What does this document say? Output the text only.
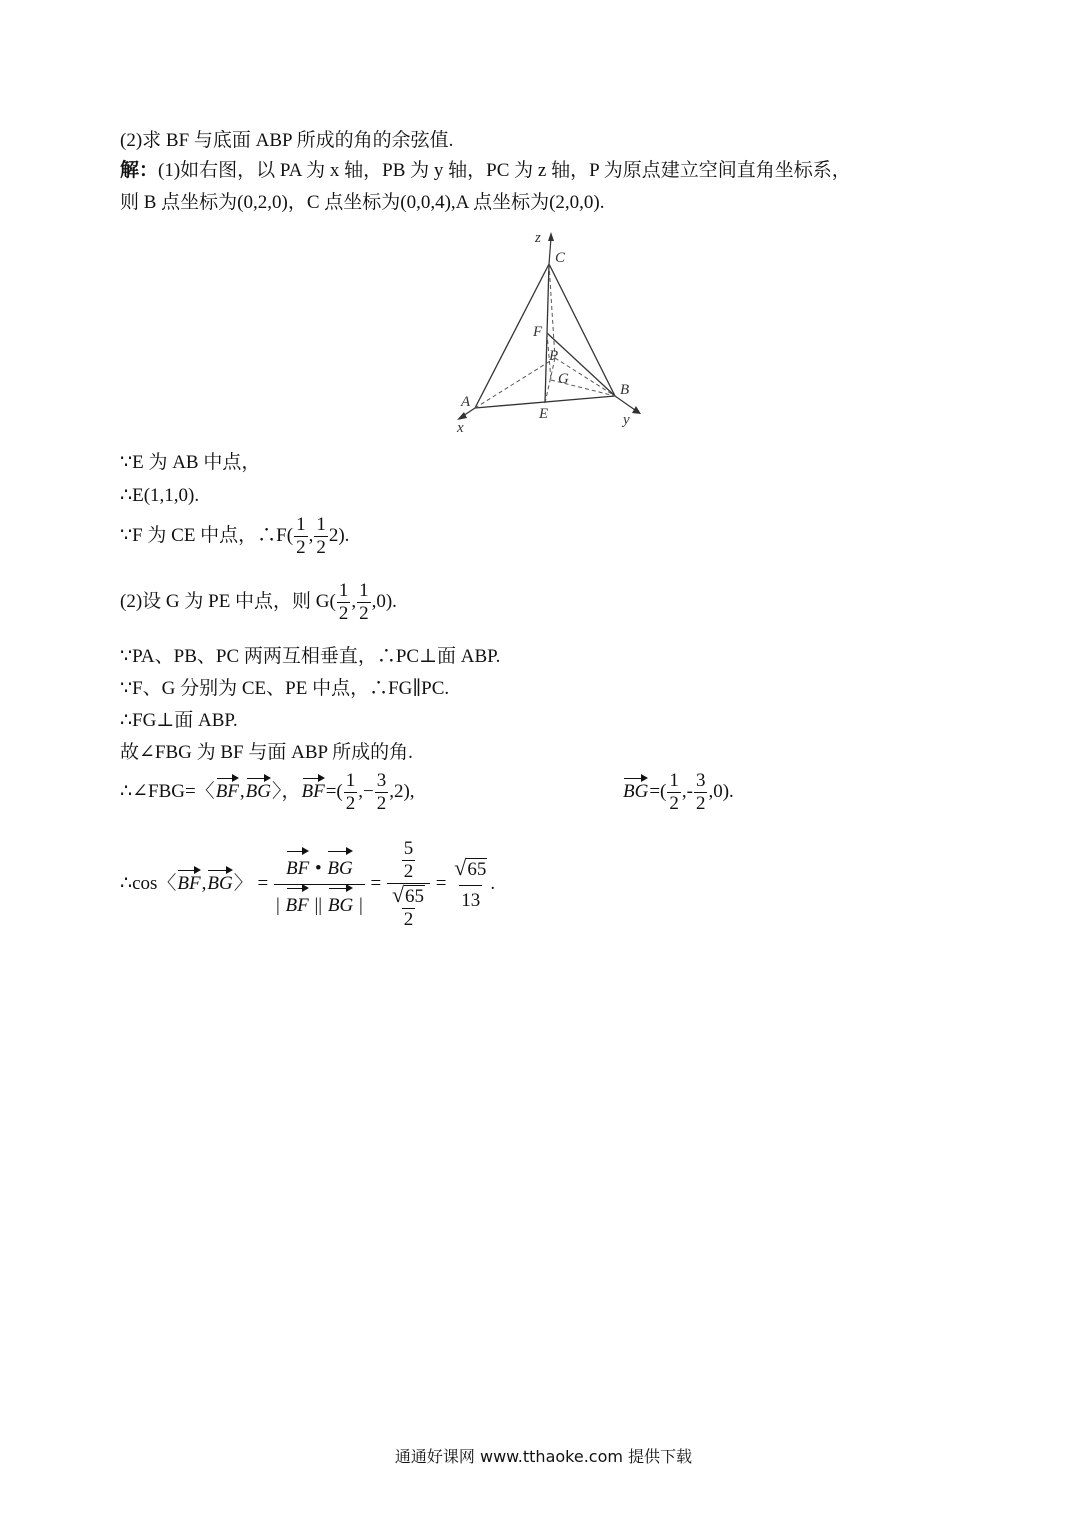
(2)求 BF 与底面 ABP 所成的角的余弦值.
解：(1)如右图，以 PA 为 x 轴，PB 为 y 轴，PC 为 z 轴，P 为原点建立空间直角坐标系，
则 B 点坐标为(0,2,0)，C 点坐标为(0,0,4),A 点坐标为(2,0,0).
z
C
F
P
G
A
B
E
x	y
∵E 为 AB 中点，
∴E(1,1,0).
∵F 为 CE 中点，∴F( $\frac{1}{2}$ , $\frac{1}{2} 2$).
(2)设 G 为 PE 中点，则 $G( \frac{1}{2}$ , $\frac{1}{2} ,0$).
∵PA、PB、PC 两两互相垂直，∴PC⊥面 ABP.
∵F、G 分别为 CE、PE 中点，∴FG∥PC.
∴FG⊥面 ABP.
故∠FBG 为 BF 与面 ABP 所成的角.
∴∠FBG=〈BF,BG〉，$BF=( \frac{1}{2}$ ,− $\frac{3}{2} ,2$),	$BG=( \frac{1}{2}$ ,- $\frac{3}{2} ,0$).
∴cos〈BF,BG〉 = $\frac{BF • BG}{| BF || BG |} = \frac{\frac{5}{2}}{\frac{√65}{2}} = \frac{√65}{13}$ .
通通好课网 www.tthaoke.com 提供下载
